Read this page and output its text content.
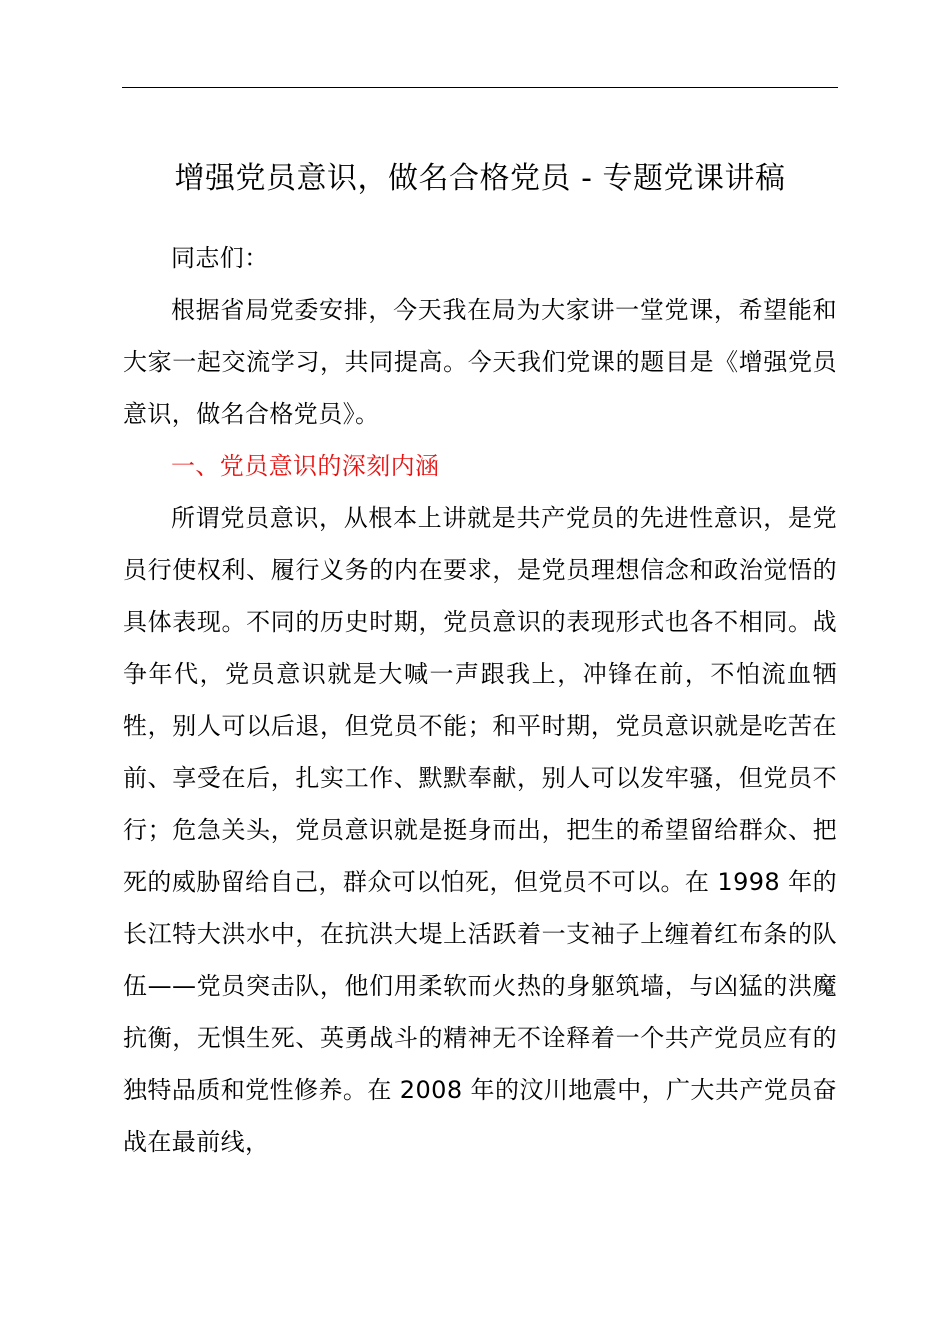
增强党员意识，做名合格党员 - 专题党课讲稿

同志们：

根据省局党委安排，今天我在局为大家讲一堂党课，希望能和大家一起交流学习，共同提高。今天我们党课的题目是《增强党员意识，做名合格党员》。

一、党员意识的深刻内涵

所谓党员意识，从根本上讲就是共产党员的先进性意识，是党员行使权利、履行义务的内在要求，是党员理想信念和政治觉悟的具体表现。不同的历史时期，党员意识的表现形式也各不相同。战争年代，党员意识就是大喊一声跟我上，冲锋在前，不怕流血牺牲，别人可以后退，但党员不能；和平时期，党员意识就是吃苦在前、享受在后，扎实工作、默默奉献，别人可以发牢骚，但党员不行；危急关头，党员意识就是挺身而出，把生的希望留给群众、把死的威胁留给自己，群众可以怕死，但党员不可以。在 1998 年的长江特大洪水中，在抗洪大堤上活跃着一支袖子上缠着红布条的队伍——党员突击队，他们用柔软而火热的身躯筑墙，与凶猛的洪魔抗衡，无惧生死、英勇战斗的精神无不诠释着一个共产党员应有的独特品质和党性修养。在 2008 年的汶川地震中，广大共产党员奋战在最前线，
